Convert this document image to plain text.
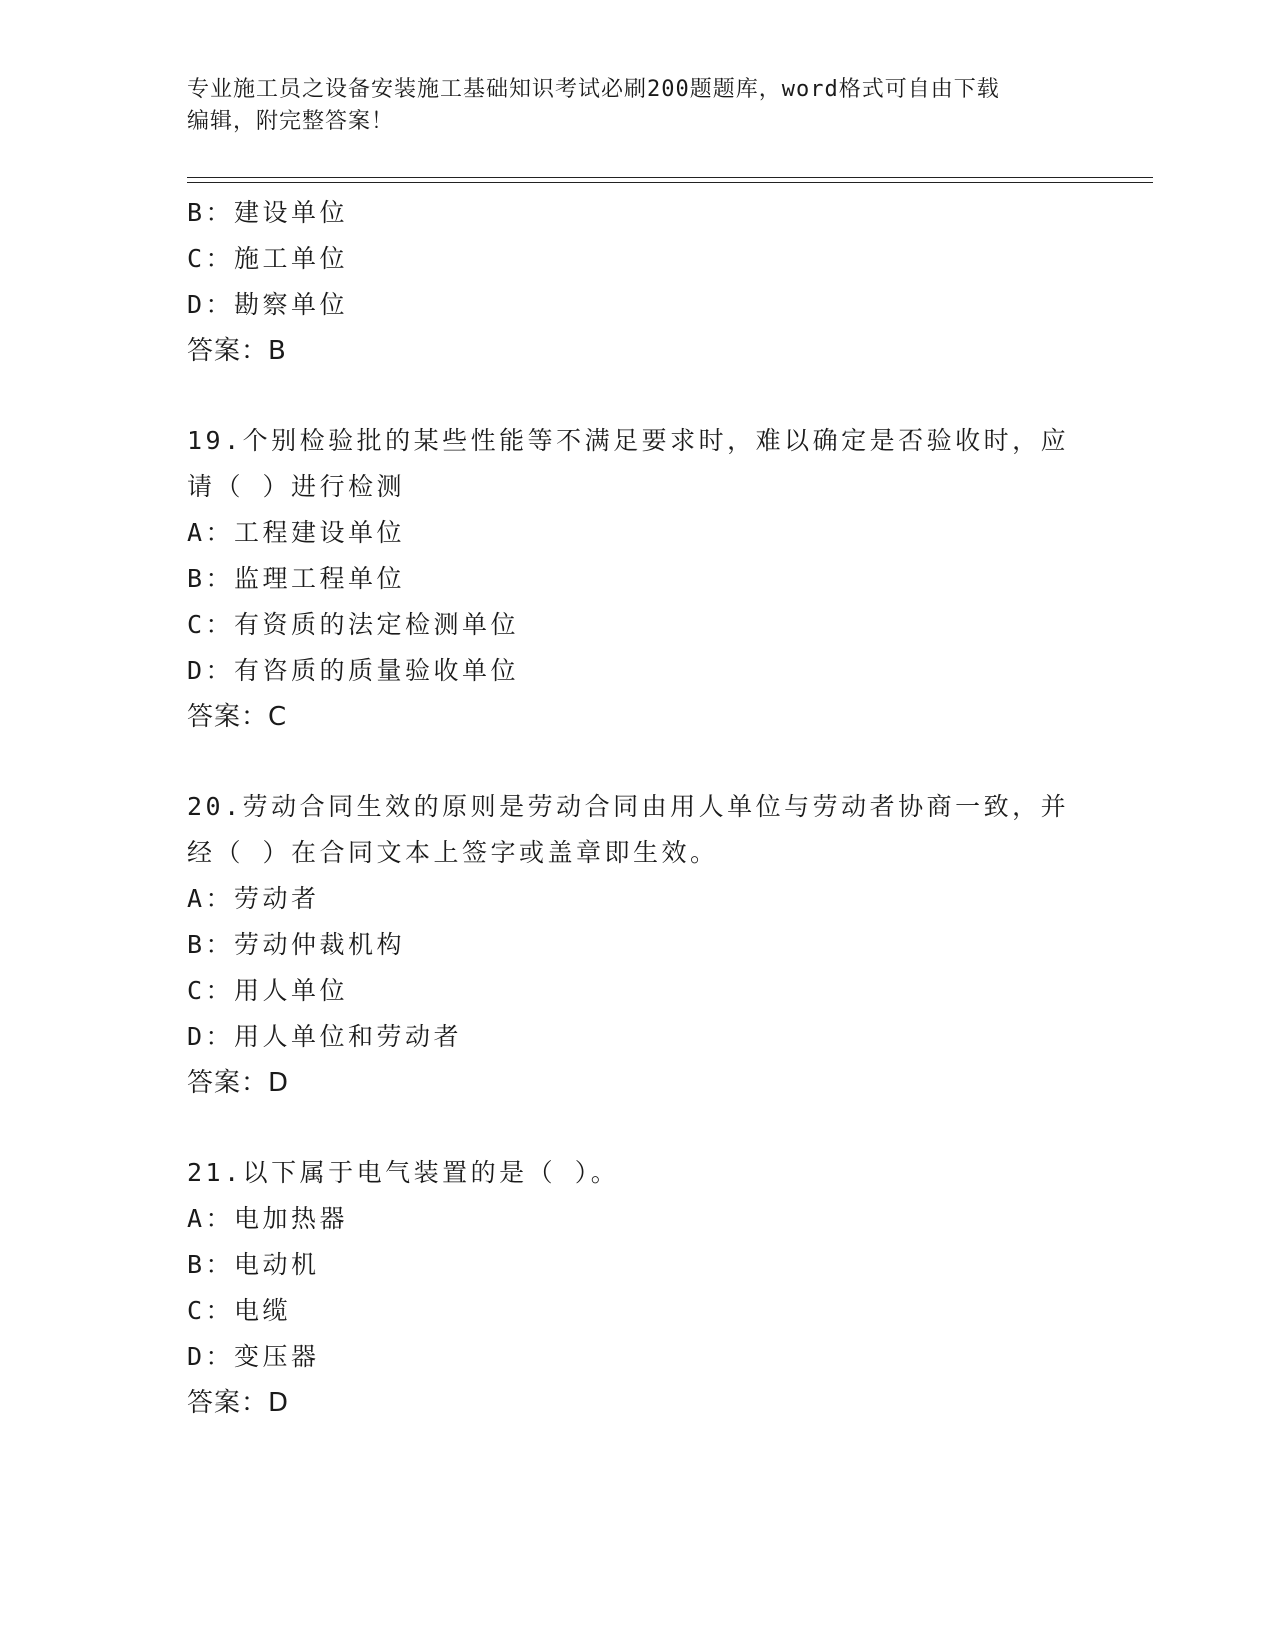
专业施工员之设备安装施工基础知识考试必刷200题题库，word格式可自由下载
编辑，附完整答案！
B：建设单位
C：施工单位
D：勘察单位
答案：B
19.个别检验批的某些性能等不满足要求时，难以确定是否验收时，应
请（ ）进行检测
A：工程建设单位
B：监理工程单位
C：有资质的法定检测单位
D：有咨质的质量验收单位
答案：C
20.劳动合同生效的原则是劳动合同由用人单位与劳动者协商一致，并
经（ ）在合同文本上签字或盖章即生效。
A：劳动者
B：劳动仲裁机构
C：用人单位
D：用人单位和劳动者
答案：D
21.以下属于电气装置的是（ ）。
A：电加热器
B：电动机
C：电缆
D：变压器
答案：D
